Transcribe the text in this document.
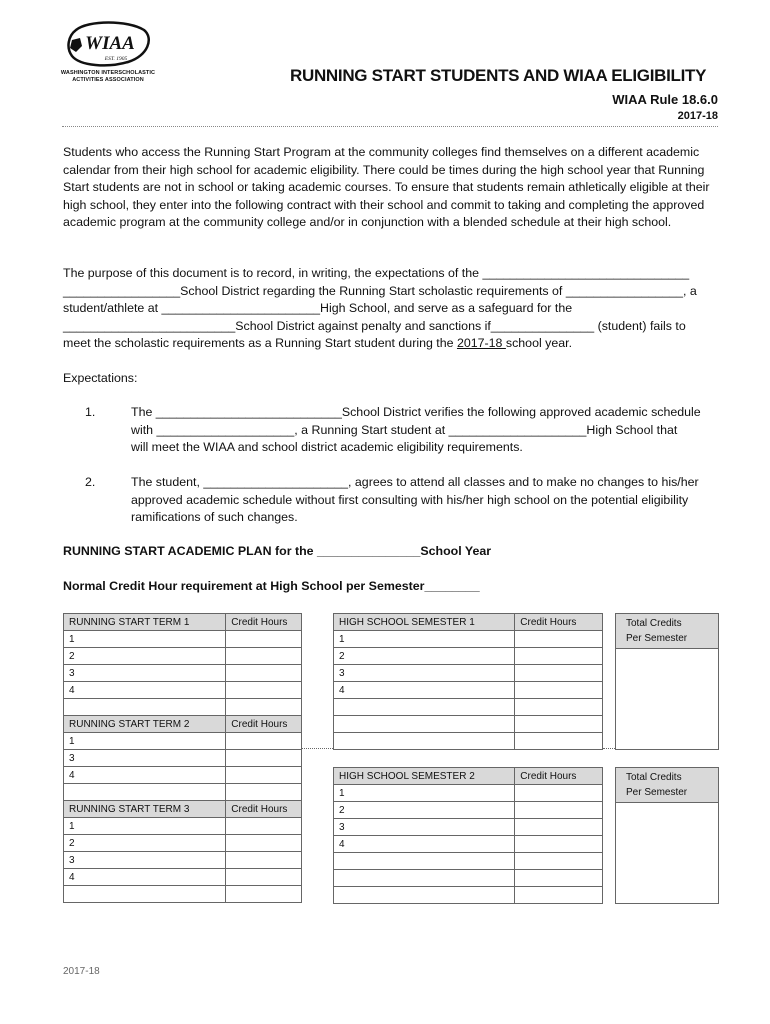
WIAA
EST. 1905
WASHINGTON INTERSCHOLASTIC
ACTIVITIES ASSOCIATION	RUNNING START STUDENTS AND WIAA ELIGIBILITY
WIAA Rule 18.6.0
2017-18
Students who access the Running Start Program at the community colleges find themselves on a different academic calendar from their high school for academic eligibility. There could be times during the high school year that Running Start students are not in school or taking academic courses. To ensure that students remain athletically eligible at their high school, they enter into the following contract with their school and commit to taking and completing the approved academic program at the community college and/or in conjunction with a blended schedule at their high school.
The purpose of this document is to record, in writing, the expectations of the ______________________________
_________________School District regarding the Running Start scholastic requirements of _________________, a
student/athlete at _______________________High School, and serve as a safeguard for the
_________________________School District against penalty and sanctions if_______________ (student) fails to
meet the scholastic requirements as a Running Start student during the 2017-18 school year.
Expectations:
1.	The ___________________________School District verifies the following approved academic schedule
with ____________________, a Running Start student at ____________________High School that
will meet the WIAA and school district academic eligibility requirements.
2.	The student, _____________________, agrees to attend all classes and to make no changes to his/her
approved academic schedule without first consulting with his/her high school on the potential eligibility
ramifications of such changes.
RUNNING START ACADEMIC PLAN for the _______________School Year
Normal Credit Hour requirement at High School per Semester________
RUNNING START TERM 1	Credit Hours
1	
2	
3	
4	

RUNNING START TERM 2	Credit Hours
1	
3	
4	

RUNNING START TERM 3	Credit Hours
1	
2	
3	
4	

HIGH SCHOOL SEMESTER 1	Credit Hours
1	
2	
3	
4	

HIGH SCHOOL SEMESTER 2	Credit Hours
1	
2	
3	
4	

Total Credits
Per Semester
Total Credits
Per Semester
2017-18
